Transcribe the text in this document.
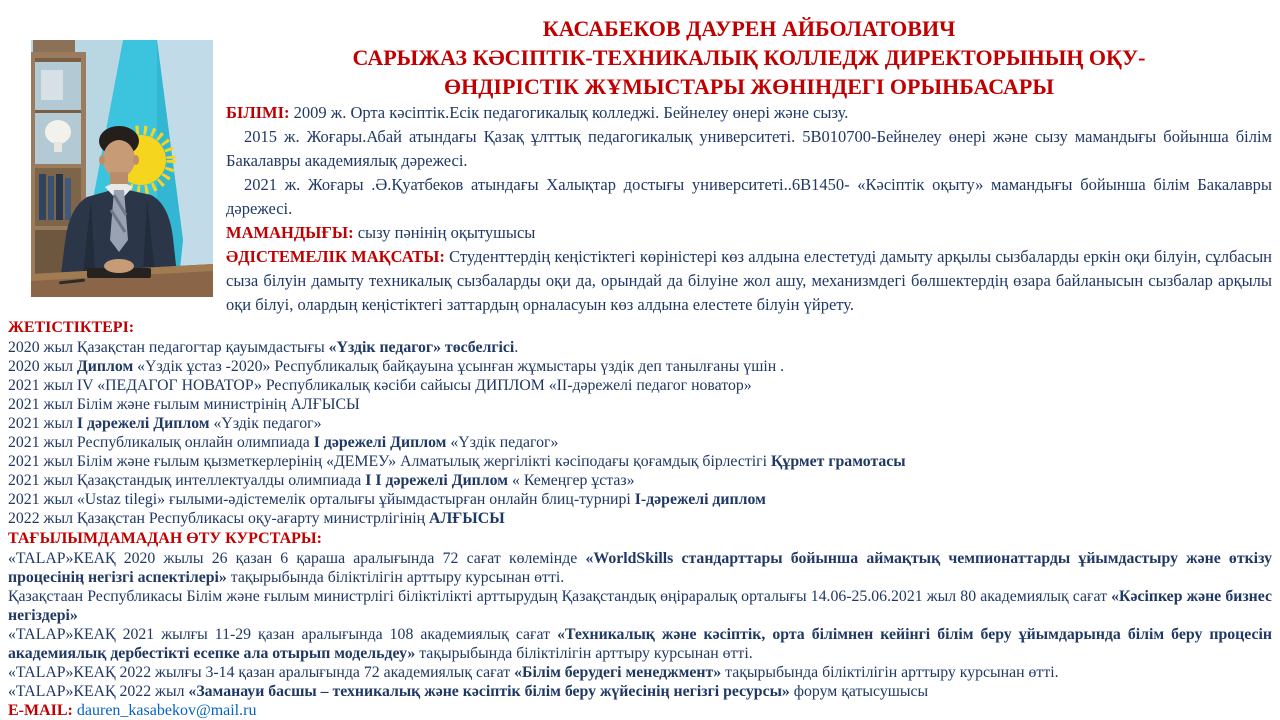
КАСАБЕКОВ ДАУРЕН АЙБОЛАТОВИЧ
САРЫЖАЗ КӘСІПТІК-ТЕХНИКАЛЫҚ КОЛЛЕДЖ ДИРЕКТОРЫНЫҢ ОҚУ-
ӨНДІРІСТІК ЖҰМЫСТАРЫ ЖӨНІНДЕГІ ОРЫНБАСАРЫ

БІЛІМІ: 2009 ж. Орта кәсіптік.Есік педагогикалық колледжі. Бейнелеу өнері және сызу.

2015 ж. Жоғары.Абай атындағы Қазақ ұлттық педагогикалық университеті. 5В010700-Бейнелеу өнері және сызу мамандығы бойынша білім Бакалавры академиялық дәрежесі.

2021 ж. Жоғары .Ә.Қуатбеков атындағы Халықтар достығы университеті..6В1450- «Кәсіптік оқыту» мамандығы бойынша білім Бакалавры дәрежесі.

МАМАНДЫҒЫ: сызу пәнінің оқытушысы

ӘДІСТЕМЕЛІК МАҚСАТЫ: Студенттердің кеңістіктегі көріністері көз алдына елестетуді дамыту арқылы сызбаларды еркін оқи білуін, сұлбасын сыза білуін дамыту техникалық сызбаларды оқи да, орындай да білуіне жол ашу, механизмдегі бөлшектердің өзара байланысын сызбалар арқылы оқи білуі, олардың кеңістіктегі заттардың орналасуын көз алдына елестете білуін үйрету.

ЖЕТІСТІКТЕРІ:
2020 жыл Қазақстан педагогтар қауымдастығы «Үздік педагог» төсбелгісі.
2020 жыл Диплом «Үздік ұстаз -2020» Республикалық байқауына ұсынған жұмыстары үздік деп танылғаны үшін .
2021 жыл IV «ПЕДАГОГ НОВАТОР» Республикалық кәсіби сайысы ДИПЛОМ «ІІ-дәрежелі педагог новатор»
2021 жыл Білім және ғылым министрінің АЛҒЫСЫ
2021 жыл І дәрежелі Диплом «Үздік педагог»
2021 жыл Республикалық онлайн олимпиада І дәрежелі Диплом «Үздік педагог»
2021 жыл Білім және ғылым қызметкерлерінің «ДЕМЕУ» Алматылық жергілікті кәсіподағы қоғамдық бірлестігі Құрмет грамотасы
2021 жыл Қазақстандық интеллектуалды олимпиада І І дәрежелі Диплом « Кемеңгер ұстаз»
2021 жыл «Ustaz tilegi» ғылыми-әдістемелік орталығы ұйымдастырған онлайн блиц-турнирі І-дәрежелі диплом
2022 жыл Қазақстан Республикасы оқу-ағарту министрлігінің АЛҒЫСЫ
ТАҒЫЛЫМДАМАДАН ӨТУ КУРСТАРЫ:
«TALAP»КЕАҚ 2020 жылы 26 қазан 6 қараша аралығында 72 сағат көлемінде «WorldSkills стандарттары бойынша аймақтық чемпионаттарды ұйымдастыру және өткізу процесінің негізгі аспектілері» тақырыбында біліктілігін арттыру курсынан өтті.
Қазақстаан Республикасы Білім және ғылым министрлігі біліктілікті арттырудың Қазақстандық өңіраралық орталығы 14.06-25.06.2021 жыл 80 академиялық сағат «Кәсіпкер және бизнес негіздері»
«TALAP»КЕАҚ 2021 жылғы 11-29 қазан аралығында 108 академиялық сағат «Техникалық және кәсіптік, орта білімнен кейінгі білім беру ұйымдарында білім беру процесін академиялық дербестікті есепке ала отырып модельдеу» тақырыбында біліктілігін арттыру курсынан өтті.
«TALAP»КЕАҚ 2022 жылғы 3-14 қазан аралығында 72 академиялық сағат «Білім берудегі менеджмент» тақырыбында біліктілігін арттыру курсынан өтті.
«TALAP»КЕАҚ 2022 жыл «Заманауи басшы – техникалық және кәсіптік білім беру жүйесінің негізгі ресурсы» форум қатысушысы
E-MAIL: dauren_kasabekov@mail.ru
